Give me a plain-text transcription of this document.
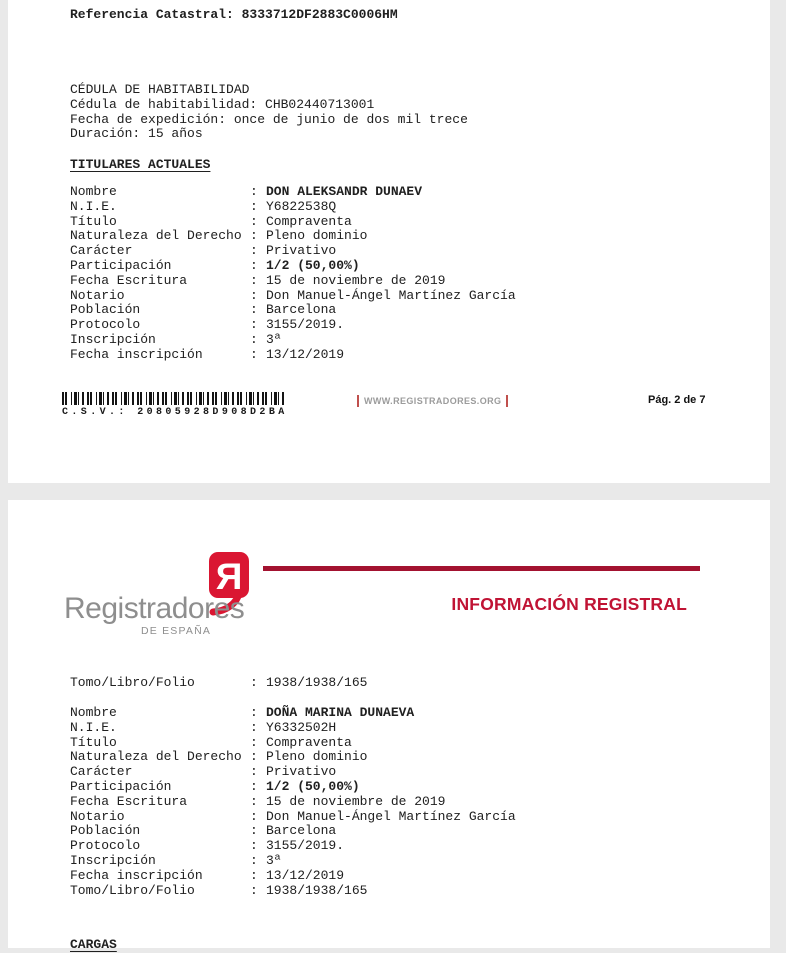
Referencia Catastral: 8333712DF2883C0006HM
CÉDULA DE HABITABILIDAD
Cédula de habitabilidad: CHB02440713001
Fecha de expedición: once de junio de dos mil trece
Duración: 15 años
TITULARES ACTUALES
Nombre	: DON ALEKSANDR DUNAEV
N.I.E.	: Y6822538Q
Título	: Compraventa
Naturaleza del Derecho : Pleno dominio
Carácter	: Privativo
Participación	: 1/2 (50,00%)
Fecha Escritura	: 15 de noviembre de 2019
Notario	: Don Manuel-Ángel Martínez García
Población	: Barcelona
Protocolo	: 3155/2019.
Inscripción	: 3ª
Fecha inscripción	: 13/12/2019
C.S.V.: 20805928D908D2BA
WWW.REGISTRADORES.ORG	Pág. 2 de 7
R
Registradores
DE ESPAÑA
INFORMACIÓN REGISTRAL
Tomo/Libro/Folio	: 1938/1938/165
Nombre	: DOÑA MARINA DUNAEVA
N.I.E.	: Y6332502H
Título	: Compraventa
Naturaleza del Derecho : Pleno dominio
Carácter	: Privativo
Participación	: 1/2 (50,00%)
Fecha Escritura	: 15 de noviembre de 2019
Notario	: Don Manuel-Ángel Martínez García
Población	: Barcelona
Protocolo	: 3155/2019.
Inscripción	: 3ª
Fecha inscripción	: 13/12/2019
Tomo/Libro/Folio	: 1938/1938/165
CARGAS
